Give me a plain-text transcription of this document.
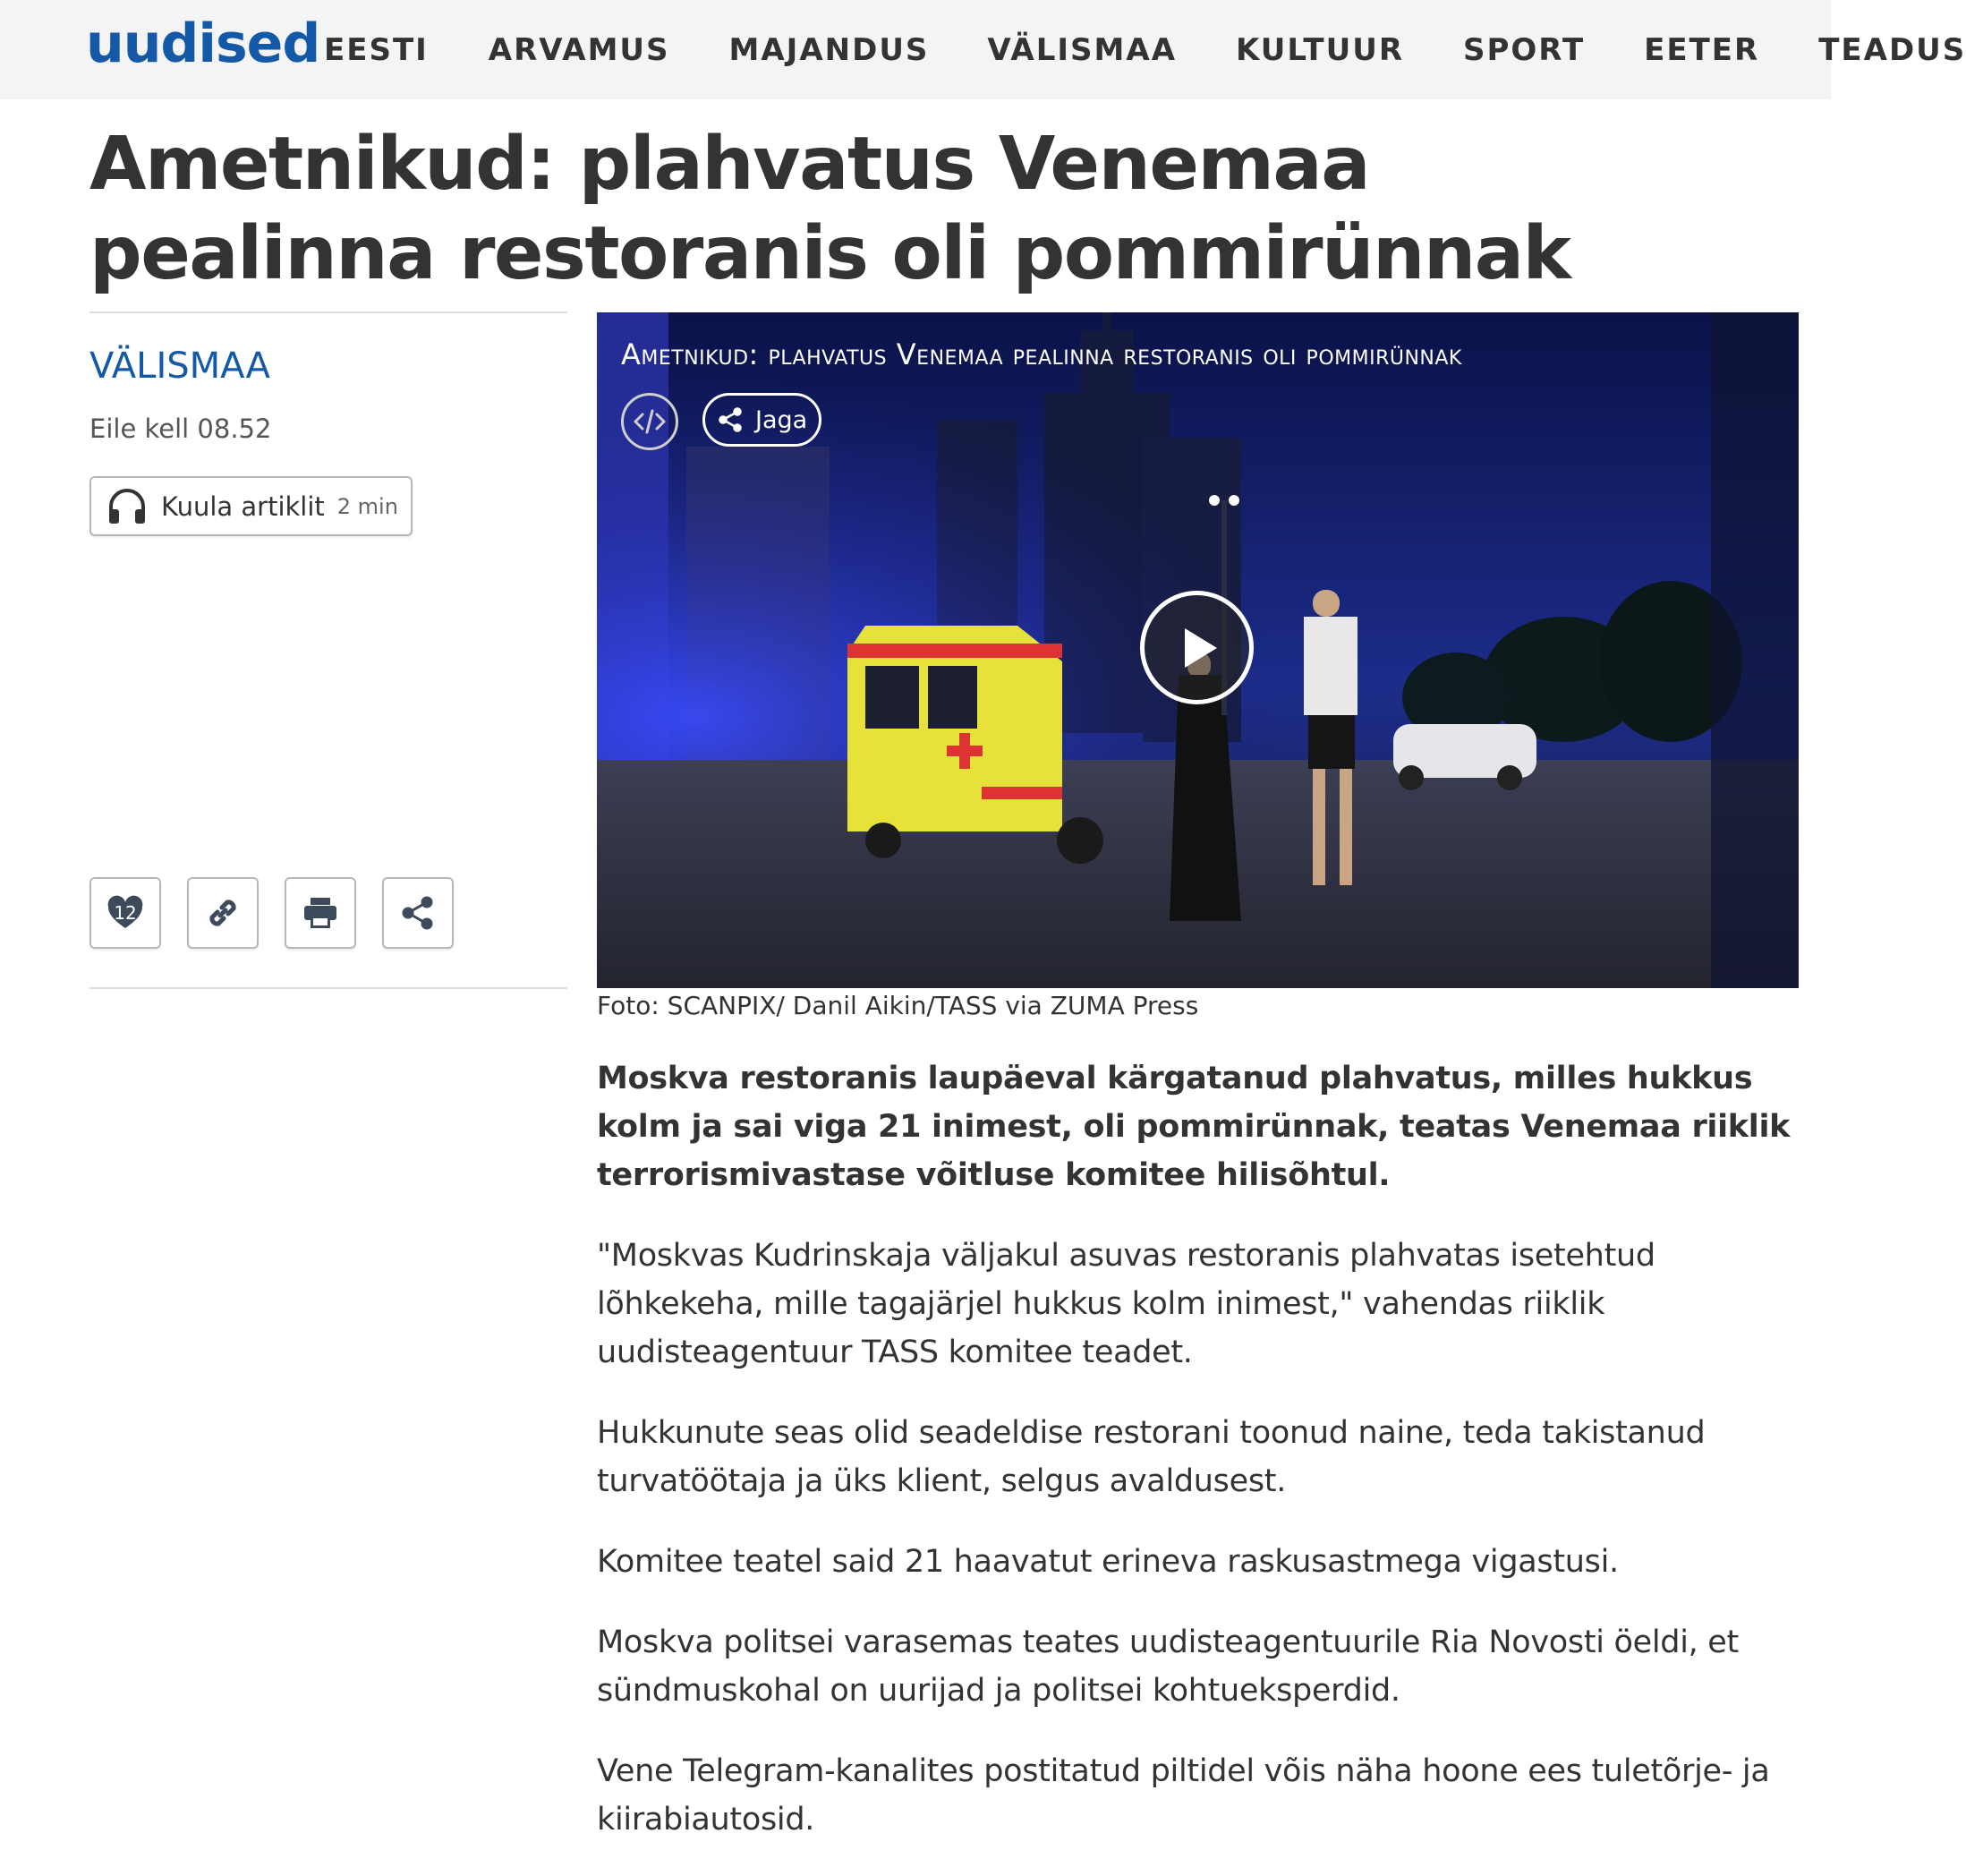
uudised EESTI ARVAMUS MAJANDUS VÄLISMAA KULTUUR SPORT EETER TEADUS
Ametnikud: plahvatus Venemaa pealinna restoranis oli pommirünnak
VÄLISMAA
Eile kell 08.52
Kuula artiklit 2 min
12
Ametnikud: plahvatus Venemaa pealinna restoranis oli pommirünnak
Jaga
Foto: SCANPIX/ Danil Aikin/TASS via ZUMA Press

Moskva restoranis laupäeval kärgatanud plahvatus, milles hukkus kolm ja sai viga 21 inimest, oli pommirünnak, teatas Venemaa riiklik terrorismivastase võitluse komitee hilisõhtul.

"Moskvas Kudrinskaja väljakul asuvas restoranis plahvatas isetehtud lõhkekeha, mille tagajärjel hukkus kolm inimest," vahendas riiklik uudisteagentuur TASS komitee teadet.

Hukkunute seas olid seadeldise restorani toonud naine, teda takistanud turvatöötaja ja üks klient, selgus avaldusest.

Komitee teatel said 21 haavatut erineva raskusastmega vigastusi.

Moskva politsei varasemas teates uudisteagentuurile Ria Novosti öeldi, et sündmuskohal on uurijad ja politsei kohtueksperdid.

Vene Telegram-kanalites postitatud piltidel võis näha hoone ees tuletõrje- ja kiirabiautosid.
